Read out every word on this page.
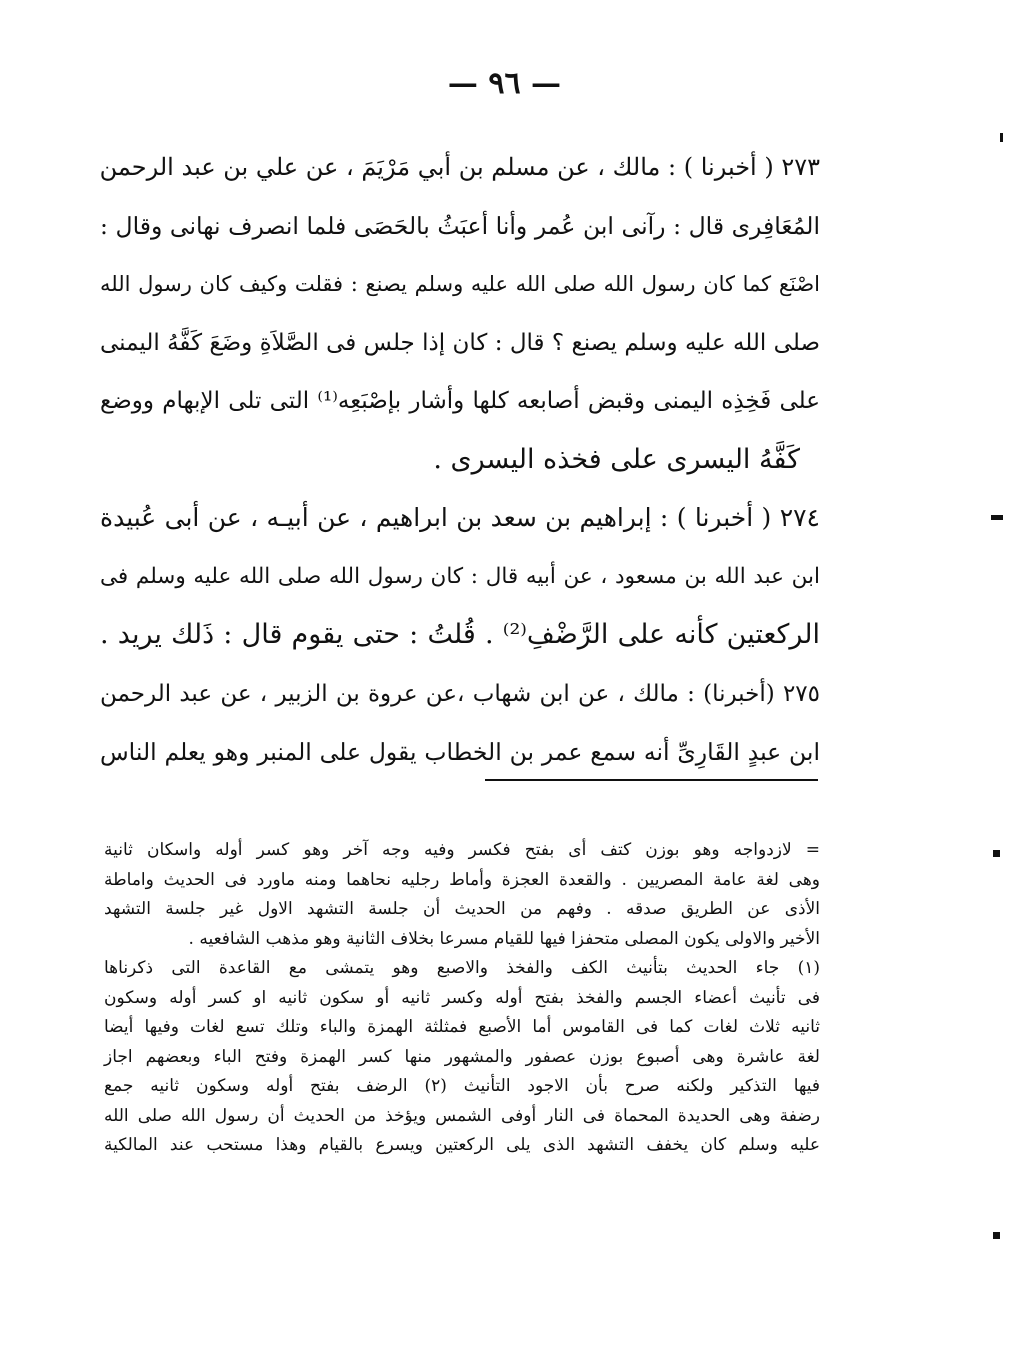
— ٩٦ —
٢٧٣ ( أخبرنا ) : مالك ، عن مسلم بن أبي مَرْيَمَ ، عن علي بن عبد الرحمن
المُعَافِرى قال : رآنى ابن عُمر وأنا أعبَثُ بالحَصَى فلما انصرف نهانى وقال :
اصْنَع كما كان رسول الله صلى الله عليه وسلم يصنع : فقلت وكيف كان رسول الله
صلى الله عليه وسلم يصنع ؟ قال : كان إذا جلس فى الصَّلاَةِ وضَعَ كَفَّهُ اليمنى
على فَخِذِه اليمنى وقبض أصابعه كلها وأشار بإصْبَعِه⁽¹⁾ التى تلى الإبهام ووضع
كَفَّهُ اليسرى على فخذه اليسرى .
٢٧٤ ( أخبرنا ) : إبراهيم بن سعد بن ابراهيم ، عن أبيـه ، عن أبى عُبيدة
ابن عبد الله بن مسعود ، عن أبيه قال : كان رسول الله صلى الله عليه وسلم فى
الركعتين كأنه على الرَّضْفِ⁽²⁾ . قُلتُ : حتى يقوم قال : ذَلك يريد .
٢٧٥ (أخبرنا) : مالك ، عن ابن شهاب ،عن عروة بن الزبير ، عن عبد الرحمن
ابن عبدٍ القَارِىِّ أنه سمع عمر بن الخطاب يقول على المنبر وهو يعلم الناس
= لازدواجه وهو بوزن كتف أى بفتح فكسر وفيه وجه آخر وهو كسر أوله واسكان ثانية
وهى لغة عامة المصريين . والقعدة العجزة وأماط رجليه نحاهما ومنه ماورد فى الحديث واماطة
الأذى عن الطريق صدقه . وفهم من الحديث أن جلسة التشهد الاول غير جلسة التشهد
الأخير والاولى يكون المصلى متحفزا فيها للقيام مسرعا بخلاف الثانية وهو مذهب الشافعيه .
(١) جاء الحديث بتأنيث الكف والفخذ والاصبع وهو يتمشى مع القاعدة التى ذكرناها
فى تأنيث أعضاء الجسم والفخذ بفتح أوله وكسر ثانيه أو سكون ثانيه او كسر أوله وسكون
ثانيه ثلاث لغات كما فى القاموس أما الأصبع فمثلثة الهمزة والباء وتلك تسع لغات وفيها أيضا
لغة عاشرة وهى أصبوع بوزن عصفور والمشهور منها كسر الهمزة وفتح الباء وبعضهم اجاز
فيها التذكير ولكنه صرح بأن الاجود التأنيث (٢) الرضف بفتح أوله وسكون ثانيه جمع
رضفة وهى الحديدة المحماة فى النار أوفى الشمس ويؤخذ من الحديث أن رسول الله صلى الله
عليه وسلم كان يخفف التشهد الذى يلى الركعتين ويسرع بالقيام وهذا مستحب عند المالكية
